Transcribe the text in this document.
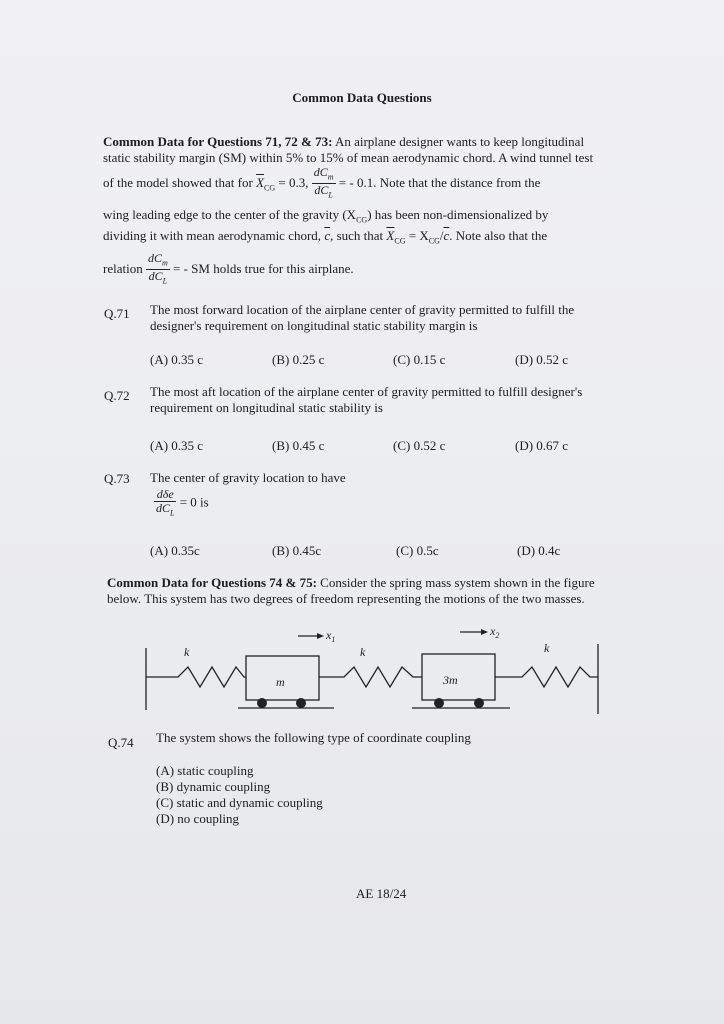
Common Data Questions
Common Data for Questions 71, 72 & 73: An airplane designer wants to keep longitudinal
static stability margin (SM) within 5% to 15% of mean aerodynamic chord. A wind tunnel test
of the model showed that for $\overline{X}_{CG} = 0.3$, $\frac{dC_m}{dC_L}$ = - 0.1. Note that the distance from the
wing leading edge to the center of the gravity $(X_{CG})$ has been non-dimensionalized by
dividing it with mean aerodynamic chord, $\overline{c}$, such that $\overline{X}_{CG} = X_{CG}/\overline{c}$. Note also that the
relation $\frac{dC_m}{dC_L}$ = - SM holds true for this airplane.
Q.71 The most forward location of the airplane center of gravity permitted to fulfill the
designer's requirement on longitudinal static stability margin is
(A) 0.35 c	(B) 0.25 c	(C) 0.15 c	(D) 0.52 c
Q.72 The most aft location of the airplane center of gravity permitted to fulfill designer's
requirement on longitudinal static stability is
(A) 0.35 c	(B) 0.45 c	(C) 0.52 c	(D) 0.67 c
Q.73 The center of gravity location to have
$\frac{\text{dδe}}{dC_L} = 0$ is
(A) 0.35c	(B) 0.45c	(C) 0.5c	(D) 0.4c
Common Data for Questions 74 & 75: Consider the spring mass system shown in the figure
below. This system has two degrees of freedom representing the motions of the two masses.
$x_1$
$x_2$
k	k	k
m	3m
Q.74 The system shows the following type of coordinate coupling
(A) static coupling
(B) dynamic coupling
(C) static and dynamic coupling
(D) no coupling
AE 18/24
